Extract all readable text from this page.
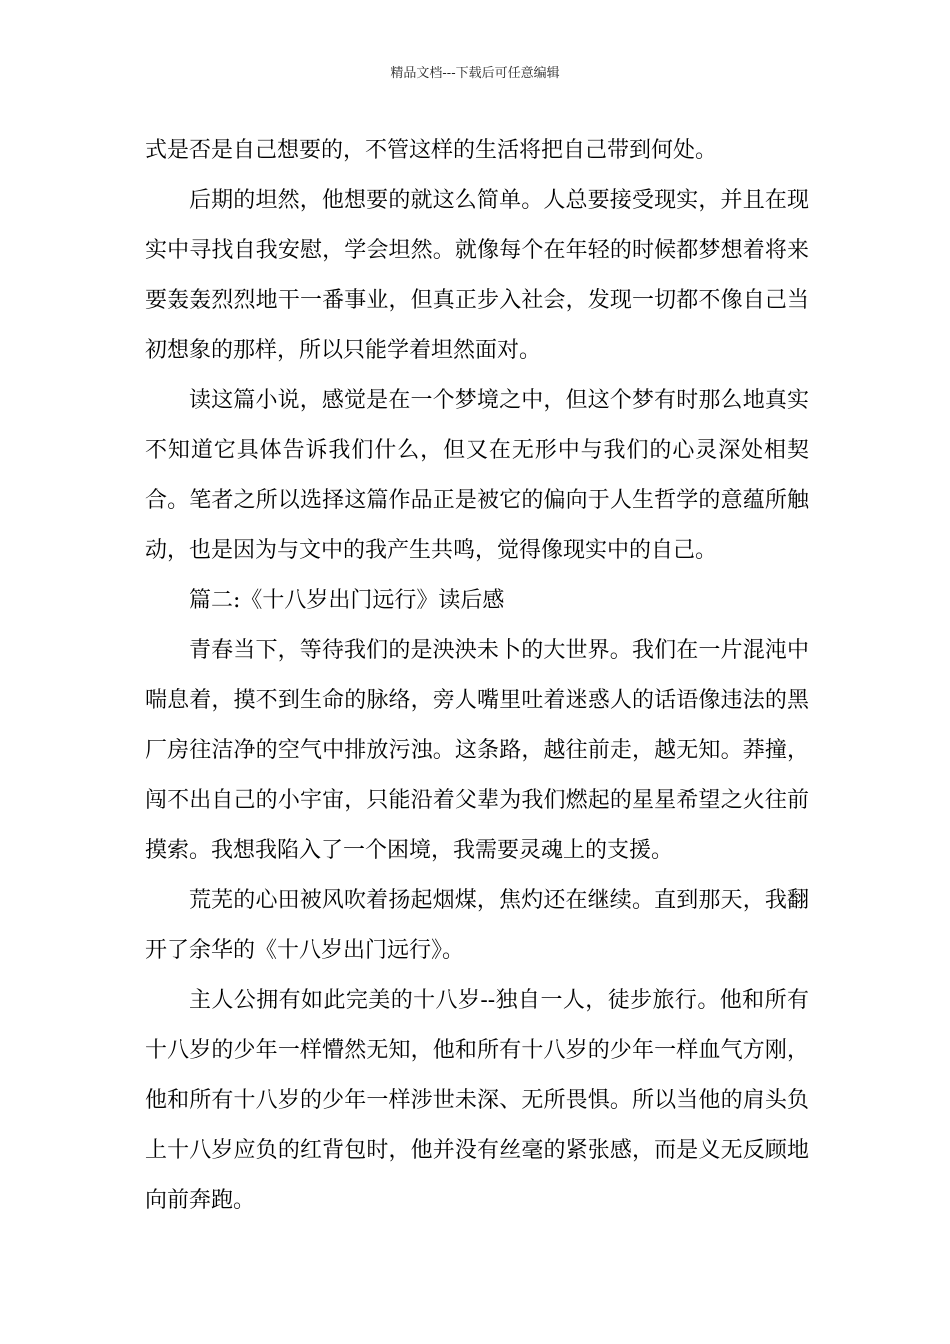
精品文档---下载后可任意编辑

式是否是自己想要的，不管这样的生活将把自己带到何处。

后期的坦然，他想要的就这么简单。人总要接受现实，并且在现实中寻找自我安慰，学会坦然。就像每个在年轻的时候都梦想着将来要轰轰烈烈地干一番事业，但真正步入社会，发现一切都不像自己当初想象的那样，所以只能学着坦然面对。

读这篇小说，感觉是在一个梦境之中，但这个梦有时那么地真实不知道它具体告诉我们什么，但又在无形中与我们的心灵深处相契合。笔者之所以选择这篇作品正是被它的偏向于人生哲学的意蕴所触动，也是因为与文中的我产生共鸣，觉得像现实中的自己。

篇二:《十八岁出门远行》读后感

青春当下，等待我们的是泱泱未卜的大世界。我们在一片混沌中喘息着，摸不到生命的脉络，旁人嘴里吐着迷惑人的话语像违法的黑厂房往洁净的空气中排放污浊。这条路，越往前走，越无知。莽撞，闯不出自己的小宇宙，只能沿着父辈为我们燃起的星星希望之火往前摸索。我想我陷入了一个困境，我需要灵魂上的支援。

荒芜的心田被风吹着扬起烟煤，焦灼还在继续。直到那天，我翻开了余华的《十八岁出门远行》。

主人公拥有如此完美的十八岁--独自一人，徒步旅行。他和所有十八岁的少年一样懵然无知，他和所有十八岁的少年一样血气方刚，他和所有十八岁的少年一样涉世未深、无所畏惧。所以当他的肩头负上十八岁应负的红背包时，他并没有丝毫的紧张感，而是义无反顾地向前奔跑。
